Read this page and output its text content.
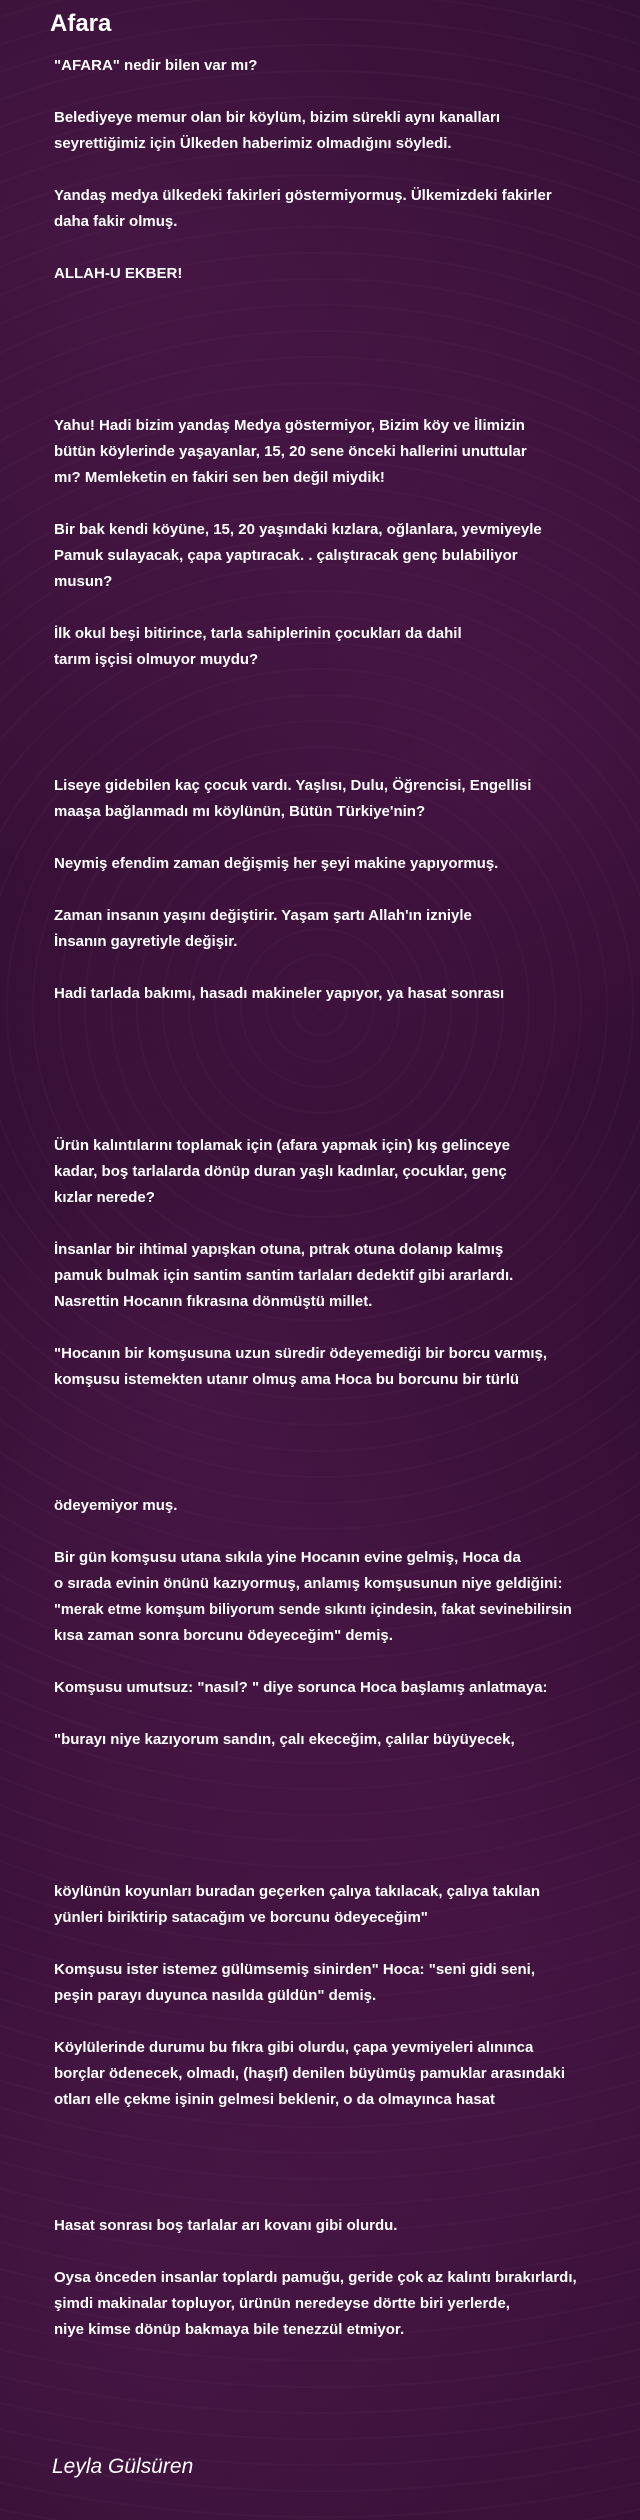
Afara

"AFARA" nedir bilen var mı?

Belediyeye memur olan bir köylüm, bizim sürekli aynı kanalları

seyrettiğimiz için Ülkeden haberimiz olmadığını söyledi.

Yandaş medya ülkedeki fakirleri göstermiyormuş. Ülkemizdeki fakirler

daha fakir olmuş.

ALLAH-U EKBER!

Yahu! Hadi bizim yandaş Medya göstermiyor, Bizim köy ve İlimizin

bütün köylerinde yaşayanlar, 15, 20 sene önceki hallerini unuttular

mı? Memleketin en fakiri sen ben değil miydik!

Bir bak kendi köyüne, 15, 20 yaşındaki kızlara, oğlanlara, yevmiyeyle

Pamuk sulayacak, çapa yaptıracak. . çalıştıracak genç bulabiliyor

musun?

İlk okul beşi bitirince, tarla sahiplerinin çocukları da dahil

tarım işçisi olmuyor muydu?

Liseye gidebilen kaç çocuk vardı. Yaşlısı, Dulu, Öğrencisi, Engellisi

maaşa bağlanmadı mı köylünün, Bütün Türkiye'nin?

Neymiş efendim zaman değişmiş her şeyi makine yapıyormuş.

Zaman insanın yaşını değiştirir. Yaşam şartı Allah'ın izniyle

İnsanın gayretiyle değişir.

Hadi tarlada bakımı, hasadı makineler yapıyor, ya hasat sonrası

Ürün kalıntılarını toplamak için (afara yapmak için) kış gelinceye

kadar, boş tarlalarda dönüp duran yaşlı kadınlar, çocuklar, genç

kızlar nerede?

İnsanlar bir ihtimal yapışkan otuna, pıtrak otuna dolanıp kalmış

pamuk bulmak için santim santim tarlaları dedektif gibi ararlardı.

Nasrettin Hocanın fıkrasına dönmüştü millet.

"Hocanın bir komşusuna uzun süredir ödeyemediği bir borcu varmış,

komşusu istemekten utanır olmuş ama Hoca bu borcunu bir türlü

ödeyemiyor muş.

Bir gün komşusu utana sıkıla yine Hocanın evine gelmiş, Hoca da

o sırada evinin önünü kazıyormuş, anlamış komşusunun niye geldiğini:

"merak etme komşum biliyorum sende sıkıntı içindesin, fakat sevinebilirsin

kısa zaman sonra borcunu ödeyeceğim" demiş.

Komşusu umutsuz: "nasıl? " diye sorunca Hoca başlamış anlatmaya:

"burayı niye kazıyorum sandın, çalı ekeceğim, çalılar büyüyecek,

köylünün koyunları buradan geçerken çalıya takılacak, çalıya takılan

yünleri biriktirip satacağım ve borcunu ödeyeceğim"

Komşusu ister istemez gülümsemiş sinirden" Hoca: "seni gidi seni,

peşin parayı duyunca nasılda güldün" demiş.

Köylülerinde durumu bu fıkra gibi olurdu, çapa yevmiyeleri alınınca

borçlar ödenecek, olmadı, (haşıf) denilen büyümüş pamuklar arasındaki

otları elle çekme işinin gelmesi beklenir, o da olmayınca hasat

Hasat sonrası boş tarlalar arı kovanı gibi olurdu.

Oysa önceden insanlar toplardı pamuğu, geride çok az kalıntı bırakırlardı,

şimdi makinalar topluyor, ürünün neredeyse dörtte biri yerlerde,

niye kimse dönüp bakmaya bile tenezzül etmiyor.

Leyla Gülsüren
